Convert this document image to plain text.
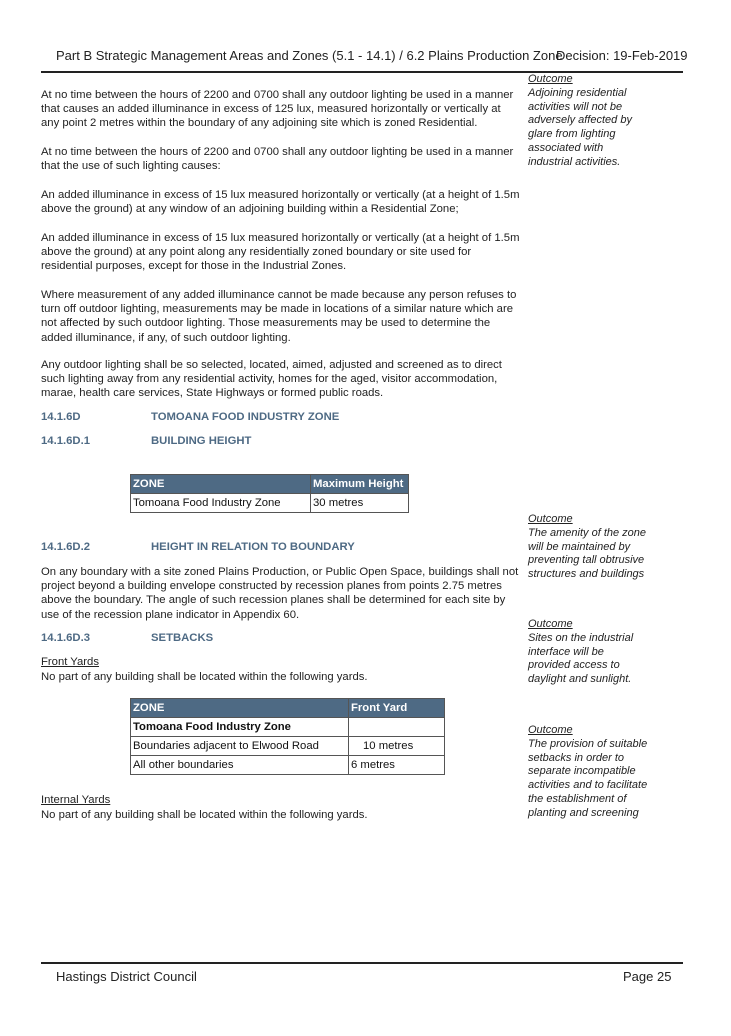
Part B Strategic Management Areas and Zones (5.1 - 14.1) / 6.2 Plains Production Zone
Decision: 19-Feb-2019
At no time between the hours of 2200 and 0700 shall any outdoor lighting be used in a manner that causes an added illuminance in excess of 125 lux, measured horizontally or vertically at any point 2 metres within the boundary of any adjoining site which is zoned Residential.
At no time between the hours of 2200 and 0700 shall any outdoor lighting be used in a manner that the use of such lighting causes:
An added illuminance in excess of 15 lux measured horizontally or vertically (at a height of 1.5m above the ground) at any window of an adjoining building within a Residential Zone;
An added illuminance in excess of 15 lux measured horizontally or vertically (at a height of 1.5m above the ground) at any point along any residentially zoned boundary or site used for residential purposes, except for those in the Industrial Zones.
Where measurement of any added illuminance cannot be made because any person refuses to turn off outdoor lighting, measurements may be made in locations of a similar nature which are not affected by such outdoor lighting. Those measurements may be used to determine the added illuminance, if any, of such outdoor lighting.
Any outdoor lighting shall be so selected, located, aimed, adjusted and screened as to direct such lighting away from any residential activity, homes for the aged, visitor accommodation, marae, health care services, State Highways or formed public roads.
14.1.6D	TOMOANA FOOD INDUSTRY ZONE
14.1.6D.1	BUILDING HEIGHT
ZONE	Maximum Height
Tomoana Food Industry Zone	30 metres
14.1.6D.2	HEIGHT IN RELATION TO BOUNDARY
On any boundary with a site zoned Plains Production, or Public Open Space, buildings shall not project beyond a building envelope constructed by recession planes from points 2.75 metres above the boundary. The angle of such recession planes shall be determined for each site by use of the recession plane indicator in Appendix 60.
14.1.6D.3	SETBACKS
Front Yards
No part of any building shall be located within the following yards.
ZONE	Front Yard
Tomoana Food Industry Zone	
Boundaries adjacent to Elwood Road	10 metres
All other boundaries	6 metres
Internal Yards
No part of any building shall be located within the following yards.
Outcome
Adjoining residential activities will not be adversely affected by glare from lighting associated with industrial activities.
Outcome
The amenity of the zone will be maintained by preventing tall obtrusive structures and buildings
Outcome
Sites on the industrial interface will be provided access to daylight and sunlight.
Outcome
The provision of suitable setbacks in order to separate incompatible activities and to facilitate the establishment of planting and screening
Hastings District Council	Page 25
